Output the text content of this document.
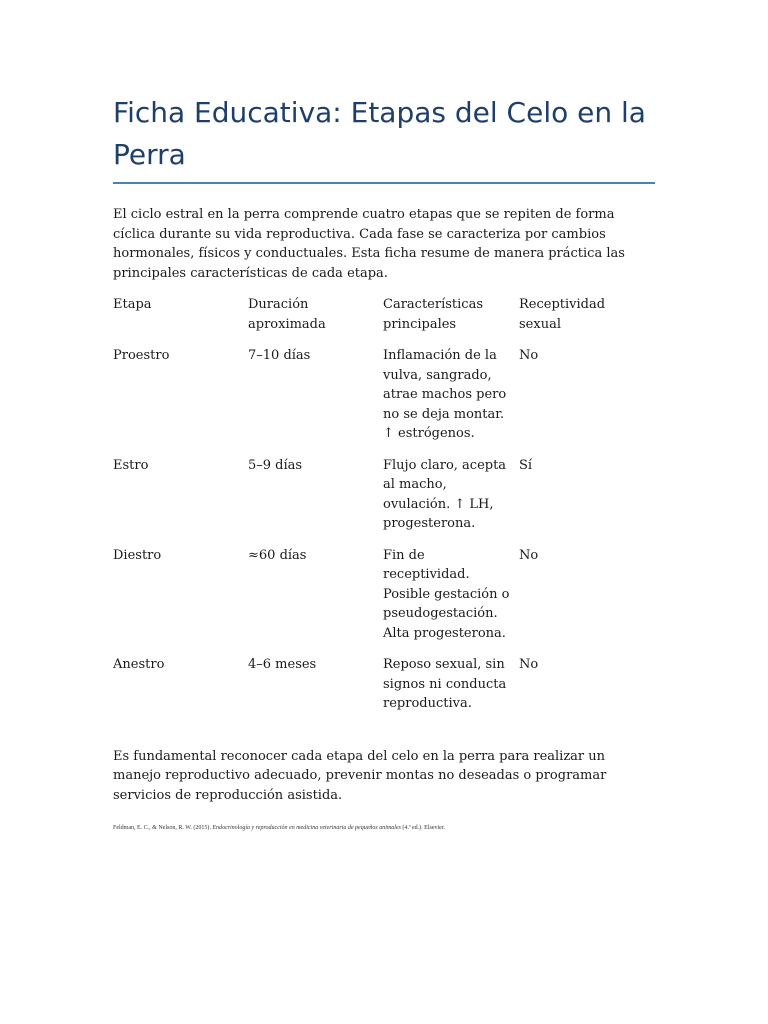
Ficha Educativa: Etapas del Celo en la Perra

El ciclo estral en la perra comprende cuatro etapas que se repiten de forma cíclica durante su vida reproductiva. Cada fase se caracteriza por cambios hormonales, físicos y conductuales. Esta ficha resume de manera práctica las principales características de cada etapa.

Etapa	Duración aproximada	Características principales	Receptividad sexual
Proestro	7–10 días	Inflamación de la vulva, sangrado, atrae machos pero no se deja montar. ↑ estrógenos.	No
Estro	5–9 días	Flujo claro, acepta al macho, ovulación. ↑ LH, progesterona.	Sí
Diestro	≈60 días	Fin de receptividad. Posible gestación o pseudogestación. Alta progesterona.	No
Anestro	4–6 meses	Reposo sexual, sin signos ni conducta reproductiva.	No

Es fundamental reconocer cada etapa del celo en la perra para realizar un manejo reproductivo adecuado, prevenir montas no deseadas o programar servicios de reproducción asistida.

Feldman, E. C., & Nelson, R. W. (2015). Endocrinología y reproducción en medicina veterinaria de pequeños animales (4.ª ed.). Elsevier.
